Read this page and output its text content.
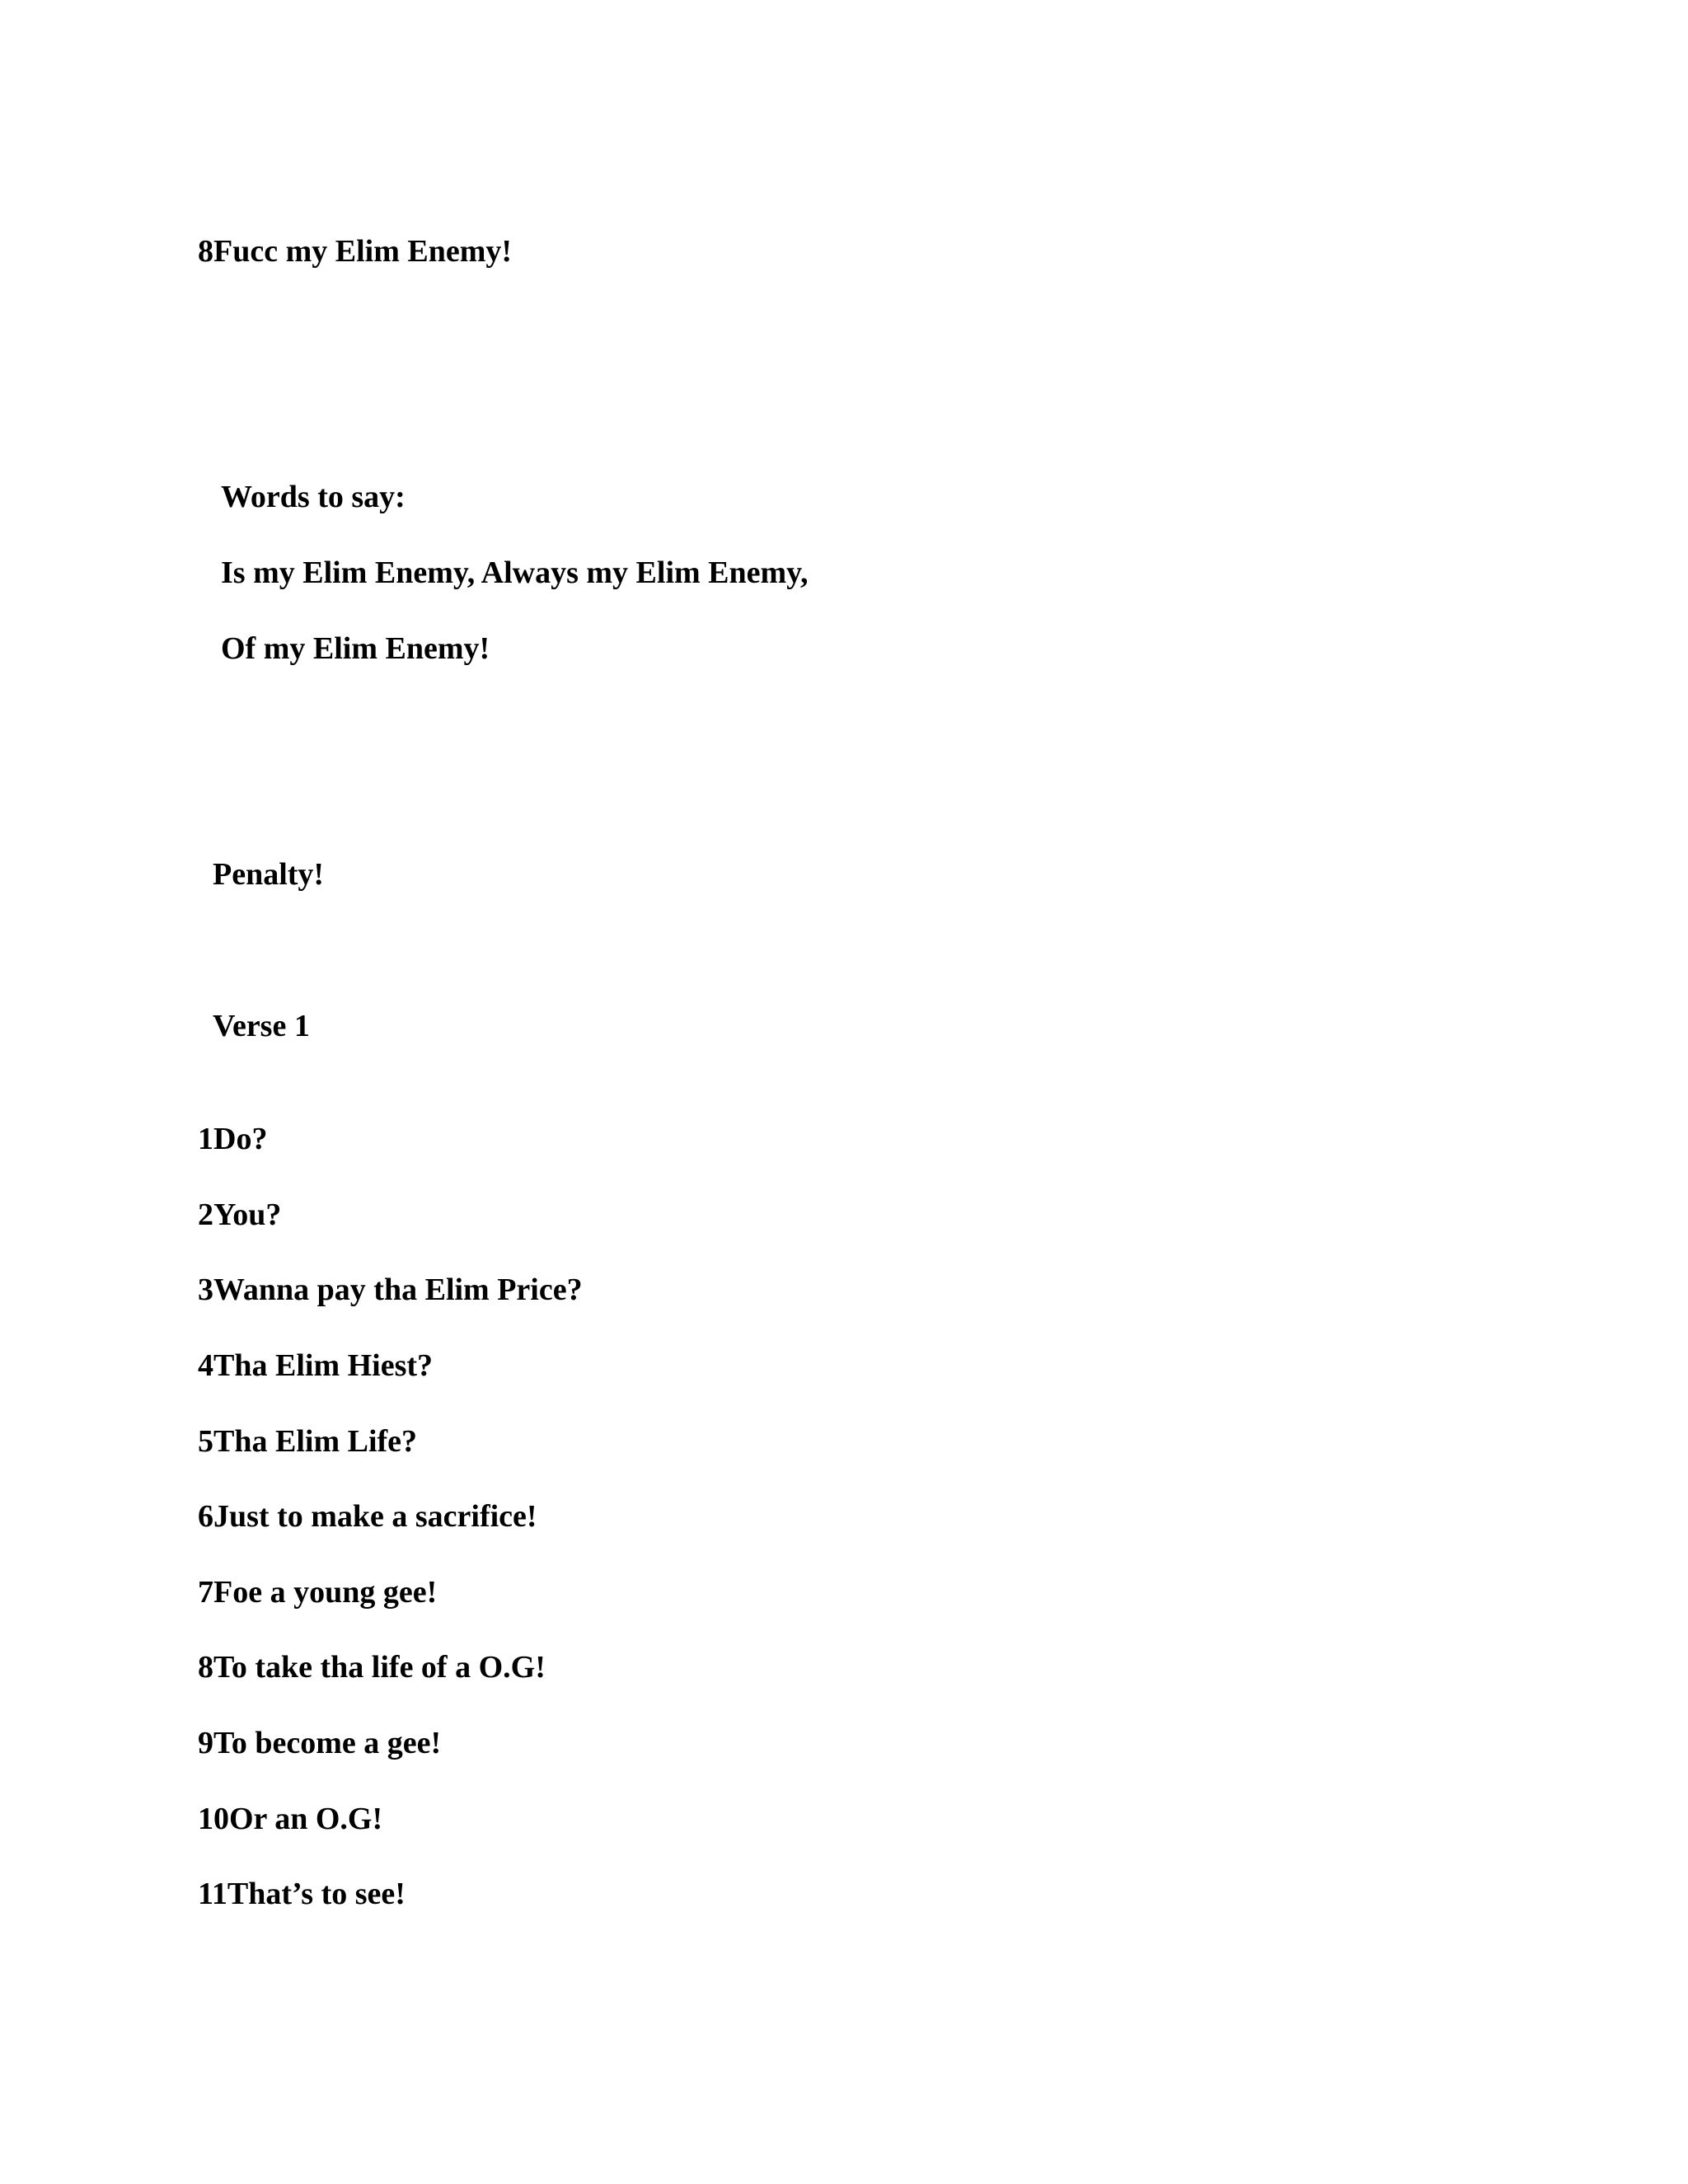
8Fucc my Elim Enemy!
Words to say:
Is my Elim Enemy, Always my Elim Enemy,
Of my Elim Enemy!
Penalty!
Verse 1
1Do?
2You?
3Wanna pay tha Elim Price?
4Tha Elim Hiest?
5Tha Elim Life?
6Just to make a sacrifice!
7Foe a young gee!
8To take tha life of a O.G!
9To become a gee!
10Or an O.G!
11That’s to see!
